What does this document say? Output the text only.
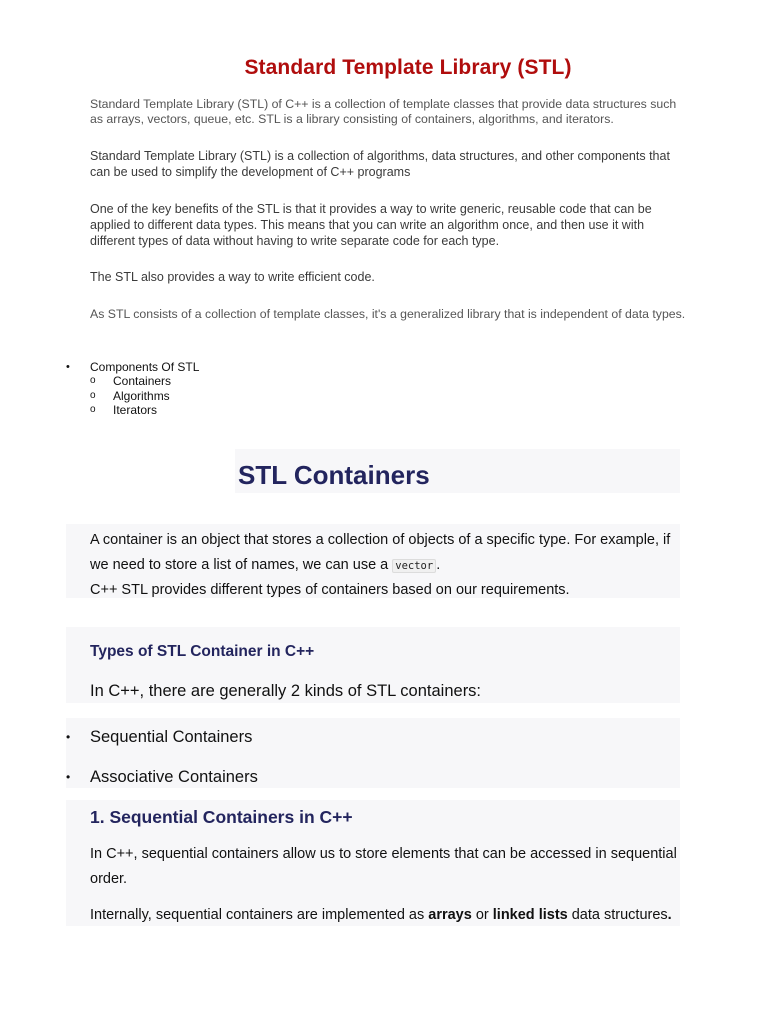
Standard Template Library (STL)

Standard Template Library (STL) of C++ is a collection of template classes that provide data structures such as arrays, vectors, queue, etc. STL is a library consisting of containers, algorithms, and iterators.

Standard Template Library (STL) is a collection of algorithms, data structures, and other components that can be used to simplify the development of C++ programs

One of the key benefits of the STL is that it provides a way to write generic, reusable code that can be applied to different data types. This means that you can write an algorithm once, and then use it with different types of data without having to write separate code for each type.

The STL also provides a way to write efficient code.

As STL consists of a collection of template classes, it's a generalized library that is independent of data types.

• Components Of STL
o Containers
o Algorithms
o Iterators
STL Containers
A container is an object that stores a collection of objects of a specific type. For example, if we need to store a list of names, we can use a vector .
C++ STL provides different types of containers based on our requirements.
Types of STL Container in C++
In C++, there are generally 2 kinds of STL containers:
• Sequential Containers
• Associative Containers
1. Sequential Containers in C++

In C++, sequential containers allow us to store elements that can be accessed in sequential order.

Internally, sequential containers are implemented as arrays or linked lists data structures.
